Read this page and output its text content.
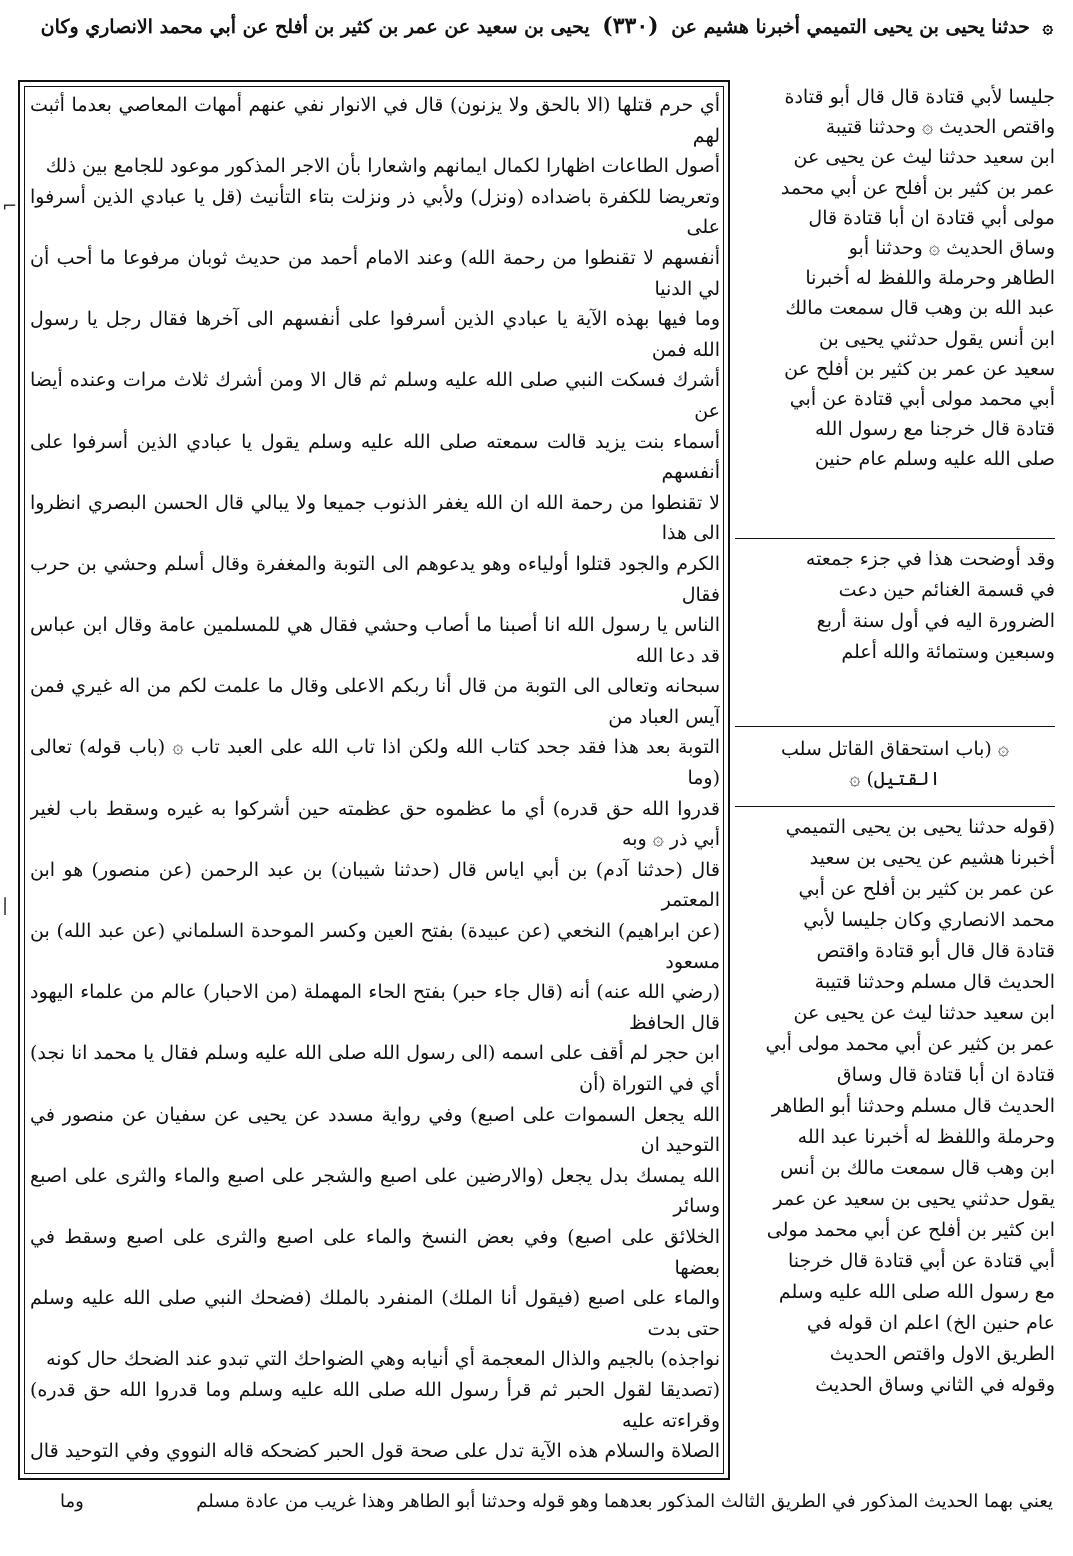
۞ حدثنا يحيى بن يحيى التميمي أخبرنا هشيم عن (٣٣٠) يحيى بن سعيد عن عمر بن كثير بن أفلح عن أبي محمد الانصاري وكان

أي حرم قتلها (الا بالحق ولا يزنون) قال في الانوار نفي عنهم أمهات المعاصي بعدما أثبت لهم

أصول الطاعات اظهارا لكمال ايمانهم واشعارا بأن الاجر المذكور موعود للجامع بين ذلك

وتعريضا للكفرة باضداده (ونزل) ولأبي ذر ونزلت بتاء التأنيث (قل يا عبادي الذين أسرفوا على

أنفسهم لا تقنطوا من رحمة الله) وعند الامام أحمد من حديث ثوبان مرفوعا ما أحب أن لي الدنيا

وما فيها بهذه الآية يا عبادي الذين أسرفوا على أنفسهم الى آخرها فقال رجل يا رسول الله فمن

أشرك فسكت النبي صلى الله عليه وسلم ثم قال الا ومن أشرك ثلاث مرات وعنده أيضا عن

أسماء بنت يزيد قالت سمعته صلى الله عليه وسلم يقول يا عبادي الذين أسرفوا على أنفسهم

لا تقنطوا من رحمة الله ان الله يغفر الذنوب جميعا ولا يبالي قال الحسن البصري انظروا الى هذا

الكرم والجود قتلوا أولياءه وهو يدعوهم الى التوبة والمغفرة وقال أسلم وحشي بن حرب فقال

الناس يا رسول الله انا أصبنا ما أصاب وحشي فقال هي للمسلمين عامة وقال ابن عباس قد دعا الله

سبحانه وتعالى الى التوبة من قال أنا ربكم الاعلى وقال ما علمت لكم من اله غيري فمن آيس العباد من

التوبة بعد هذا فقد جحد كتاب الله ولكن اذا تاب الله على العبد تاب ۞ (باب قوله) تعالى (وما

قدروا الله حق قدره) أي ما عظموه حق عظمته حين أشركوا به غيره وسقط باب لغير أبي ذر ۞ وبه

قال (حدثنا آدم) بن أبي اياس قال (حدثنا شيبان) بن عبد الرحمن (عن منصور) هو ابن المعتمر

(عن ابراهيم) النخعي (عن عبيدة) بفتح العين وكسر الموحدة السلماني (عن عبد الله) بن مسعود

(رضي الله عنه) أنه (قال جاء حبر) بفتح الحاء المهملة (من الاحبار) عالم من علماء اليهود قال الحافظ

ابن حجر لم أقف على اسمه (الى رسول الله صلى الله عليه وسلم فقال يا محمد انا نجد) أي في التوراة (أن

الله يجعل السموات على اصبع) وفي رواية مسدد عن يحيى عن سفيان عن منصور في التوحيد ان

الله يمسك بدل يجعل (والارضين على اصبع والشجر على اصبع والماء والثرى على اصبع وسائر

الخلائق على اصبع) وفي بعض النسخ والماء على اصبع والثرى على اصبع وسقط في بعضها

والماء على اصبع (فيقول أنا الملك) المنفرد بالملك (فضحك النبي صلى الله عليه وسلم حتى بدت

نواجذه) بالجيم والذال المعجمة أي أنيابه وهي الضواحك التي تبدو عند الضحك حال كونه

(تصديقا لقول الحبر ثم قرأ رسول الله صلى الله عليه وسلم وما قدروا الله حق قدره) وقراءته عليه

الصلاة والسلام هذه الآية تدل على صحة قول الحبر كضحكه قاله النووي وفي التوحيد قال

جليسا لأبي قتادة قال قال أبو قتادة

واقتص الحديث ۞ وحدثنا قتيبة

ابن سعيد حدثنا ليث عن يحيى عن

عمر بن كثير بن أفلح عن أبي محمد

مولى أبي قتادة ان أبا قتادة قال

وساق الحديث ۞ وحدثنا أبو

الطاهر وحرملة واللفظ له أخبرنا

عبد الله بن وهب قال سمعت مالك

ابن أنس يقول حدثني يحيى بن

سعيد عن عمر بن كثير بن أفلح عن

أبي محمد مولى أبي قتادة عن أبي

قتادة قال خرجنا مع رسول الله

صلى الله عليه وسلم عام حنين

وقد أوضحت هذا في جزء جمعته

في قسمة الغنائم حين دعت

الضرورة اليه في أول سنة أربع

وسبعين وستمائة والله أعلم

۞ (باب استحقاق القاتل سلب

القتيل) ۞

(قوله حدثنا يحيى بن يحيى التميمي

أخبرنا هشيم عن يحيى بن سعيد

عن عمر بن كثير بن أفلح عن أبي

محمد الانصاري وكان جليسا لأبي

قتادة قال قال أبو قتادة واقتص

الحديث قال مسلم وحدثنا قتيبة

ابن سعيد حدثنا ليث عن يحيى عن

عمر بن كثير عن أبي محمد مولى أبي

قتادة ان أبا قتادة قال وساق

الحديث قال مسلم وحدثنا أبو الطاهر

وحرملة واللفظ له أخبرنا عبد الله

ابن وهب قال سمعت مالك بن أنس

يقول حدثني يحيى بن سعيد عن عمر

ابن كثير بن أفلح عن أبي محمد مولى

أبي قتادة عن أبي قتادة قال خرجنا

مع رسول الله صلى الله عليه وسلم

عام حنين الخ) اعلم ان قوله في

الطريق الاول واقتص الحديث

وقوله في الثاني وساق الحديث

يعني بهما الحديث المذكور في الطريق الثالث المذكور بعدهما وهو قوله وحدثنا أبو الطاهر وهذا غريب من عادة مسلم
وما
⌐
|
